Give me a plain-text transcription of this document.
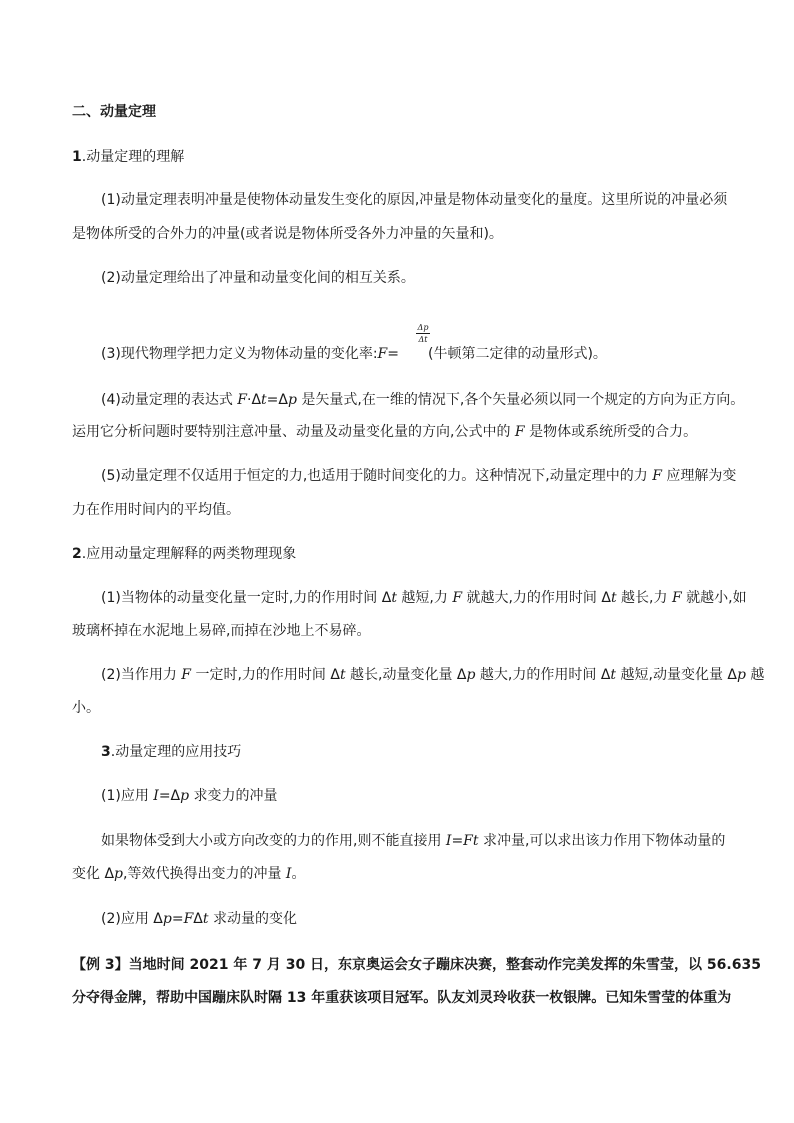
二、动量定理
1.动量定理的理解
(1)动量定理表明冲量是使物体动量发生变化的原因,冲量是物体动量变化的量度。这里所说的冲量必须
是物体所受的合外力的冲量(或者说是物体所受各外力冲量的矢量和)。
(2)动量定理给出了冲量和动量变化间的相互关系。
(3)现代物理学把力定义为物体动量的变化率:F=
Δp
Δt
(牛顿第二定律的动量形式)。
(4)动量定理的表达式 F·Δt=Δp 是矢量式,在一维的情况下,各个矢量必须以同一个规定的方向为正方向。
运用它分析问题时要特别注意冲量、动量及动量变化量的方向,公式中的 F 是物体或系统所受的合力。
(5)动量定理不仅适用于恒定的力,也适用于随时间变化的力。这种情况下,动量定理中的力 F 应理解为变
力在作用时间内的平均值。
2.应用动量定理解释的两类物理现象
(1)当物体的动量变化量一定时,力的作用时间 Δt 越短,力 F 就越大,力的作用时间 Δt 越长,力 F 就越小,如
玻璃杯掉在水泥地上易碎,而掉在沙地上不易碎。
(2)当作用力 F 一定时,力的作用时间 Δt 越长,动量变化量 Δp 越大,力的作用时间 Δt 越短,动量变化量 Δp 越
小。
3.动量定理的应用技巧
(1)应用 I=Δp 求变力的冲量
如果物体受到大小或方向改变的力的作用,则不能直接用 I=Ft 求冲量,可以求出该力作用下物体动量的
变化 Δp,等效代换得出变力的冲量 I。
(2)应用 Δp=FΔt 求动量的变化
【例 3】当地时间 2021 年 7 月 30 日，东京奥运会女子蹦床决赛，整套动作完美发挥的朱雪莹，以 56.635
分夺得金牌，帮助中国蹦床队时隔 13 年重获该项目冠军。队友刘灵玲收获一枚银牌。已知朱雪莹的体重为
